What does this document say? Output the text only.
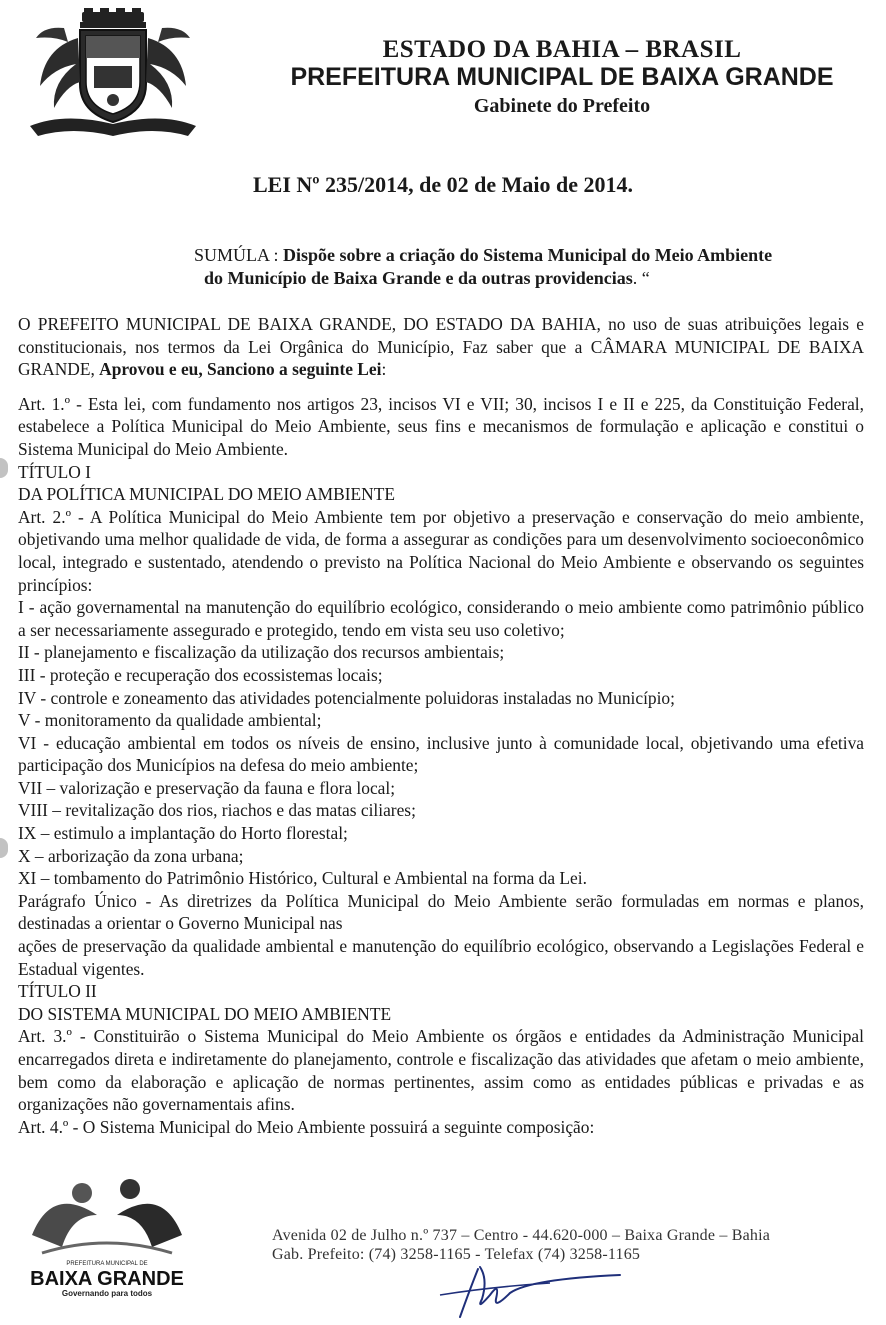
ESTADO DA BAHIA – BRASIL
PREFEITURA MUNICIPAL DE BAIXA GRANDE
Gabinete do Prefeito
LEI Nº 235/2014, de 02 de Maio de 2014.
SUMÚLA : Dispõe sobre a criação do Sistema Municipal do Meio Ambiente
do Município de Baixa Grande e da outras providencias. “

O PREFEITO MUNICIPAL DE BAIXA GRANDE, DO ESTADO DA BAHIA, no uso de suas atribuições legais e constitucionais, nos termos da Lei Orgânica do Município, Faz saber que a CÂMARA MUNICIPAL DE BAIXA GRANDE, Aprovou e eu, Sanciono a seguinte Lei:

Art. 1.º - Esta lei, com fundamento nos artigos 23, incisos VI e VII; 30, incisos I e II e 225, da Constituição Federal, estabelece a Política Municipal do Meio Ambiente, seus fins e mecanismos de formulação e aplicação e constitui o Sistema Municipal do Meio Ambiente.

TÍTULO I

DA POLÍTICA MUNICIPAL DO MEIO AMBIENTE

Art. 2.º - A Política Municipal do Meio Ambiente tem por objetivo a preservação e conservação do meio ambiente, objetivando uma melhor qualidade de vida, de forma a assegurar as condições para um desenvolvimento socioeconômico local, integrado e sustentado, atendendo o previsto na Política Nacional do Meio Ambiente e observando os seguintes princípios:

I - ação governamental na manutenção do equilíbrio ecológico, considerando o meio ambiente como patrimônio público a ser necessariamente assegurado e protegido, tendo em vista seu uso coletivo;

II - planejamento e fiscalização da utilização dos recursos ambientais;

III - proteção e recuperação dos ecossistemas locais;

IV - controle e zoneamento das atividades potencialmente poluidoras instaladas no Município;

V - monitoramento da qualidade ambiental;

VI - educação ambiental em todos os níveis de ensino, inclusive junto à comunidade local, objetivando uma efetiva participação dos Municípios na defesa do meio ambiente;

VII – valorização e preservação da fauna e flora local;

VIII – revitalização dos rios, riachos e das matas ciliares;

IX – estimulo a implantação do Horto florestal;

X – arborização da zona urbana;

XI – tombamento do Patrimônio Histórico, Cultural e Ambiental na forma da Lei.

Parágrafo Único - As diretrizes da Política Municipal do Meio Ambiente serão formuladas em normas e planos, destinadas a orientar o Governo Municipal nas

ações de preservação da qualidade ambiental e manutenção do equilíbrio ecológico, observando a Legislações Federal e Estadual vigentes.

TÍTULO II

DO SISTEMA MUNICIPAL DO MEIO AMBIENTE

Art. 3.º - Constituirão o Sistema Municipal do Meio Ambiente os órgãos e entidades da Administração Municipal encarregados direta e indiretamente do planejamento, controle e fiscalização das atividades que afetam o meio ambiente, bem como da elaboração e aplicação de normas pertinentes, assim como as entidades públicas e privadas e as organizações não governamentais afins.

Art. 4.º - O Sistema Municipal do Meio Ambiente possuirá a seguinte composição:

PREFEITURA MUNICIPAL DE
BAIXA GRANDE
Governando para todos
Avenida 02 de Julho n.º 737 – Centro - 44.620-000 – Baixa Grande – Bahia
Gab. Prefeito: (74) 3258-1165 - Telefax (74) 3258-1165
